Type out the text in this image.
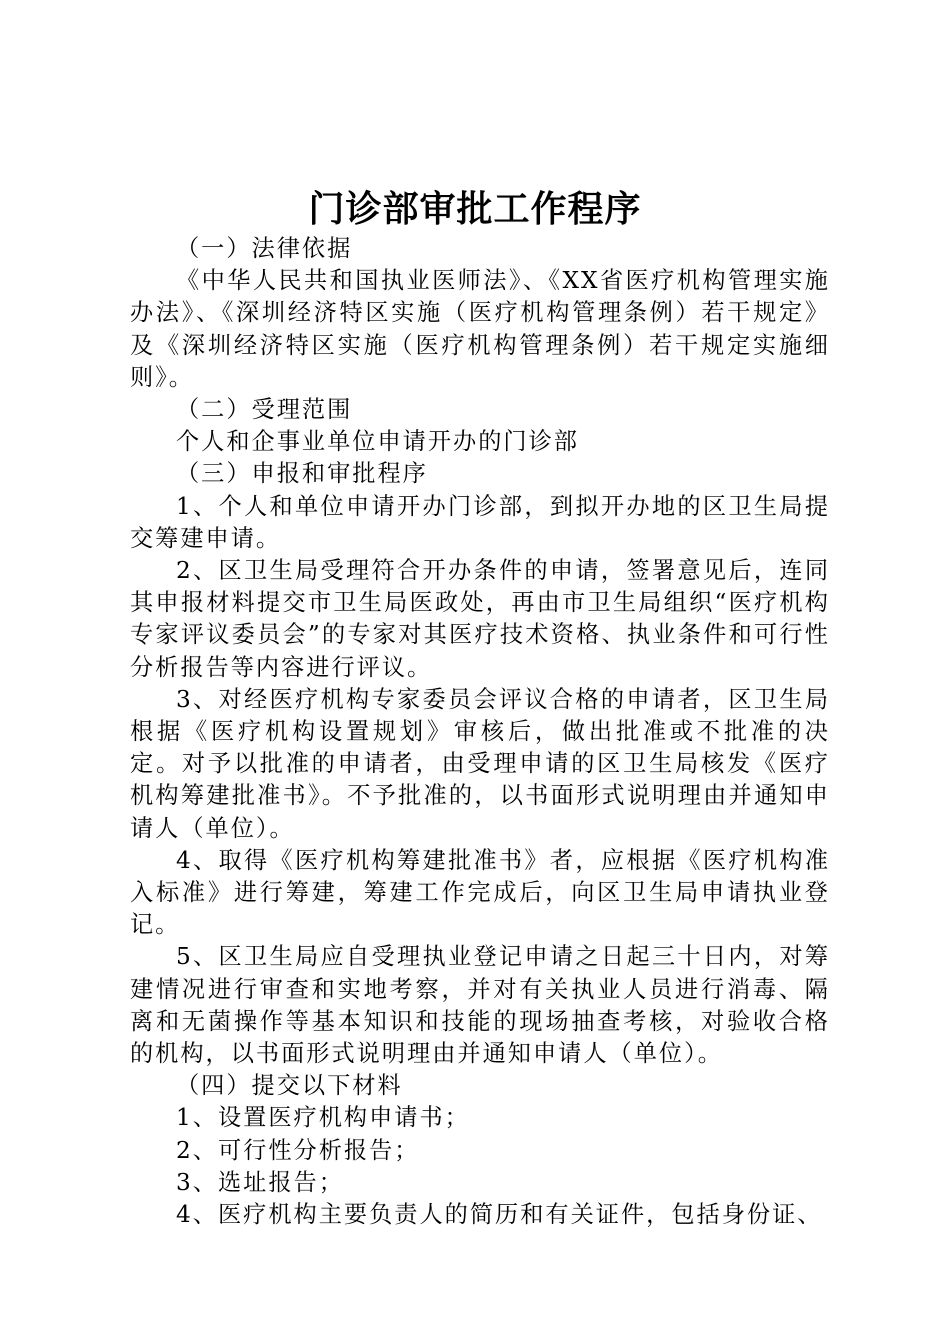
门诊部审批工作程序

（一）法律依据

《中华人民共和国执业医师法》、《XX省医疗机构管理实施办法》、《深圳经济特区实施（医疗机构管理条例）若干规定》及《深圳经济特区实施（医疗机构管理条例）若干规定实施细则》。

（二）受理范围

个人和企事业单位申请开办的门诊部

（三）申报和审批程序

1、个人和单位申请开办门诊部，到拟开办地的区卫生局提交筹建申请。

2、区卫生局受理符合开办条件的申请，签署意见后，连同其申报材料提交市卫生局医政处，再由市卫生局组织“医疗机构专家评议委员会”的专家对其医疗技术资格、执业条件和可行性分析报告等内容进行评议。

3、对经医疗机构专家委员会评议合格的申请者，区卫生局根据《医疗机构设置规划》审核后，做出批准或不批准的决定。对予以批准的申请者，由受理申请的区卫生局核发《医疗机构筹建批准书》。不予批准的，以书面形式说明理由并通知申请人（单位）。

4、取得《医疗机构筹建批准书》者，应根据《医疗机构准入标准》进行筹建，筹建工作完成后，向区卫生局申请执业登记。

5、区卫生局应自受理执业登记申请之日起三十日内，对筹建情况进行审查和实地考察，并对有关执业人员进行消毒、隔离和无菌操作等基本知识和技能的现场抽查考核，对验收合格的机构，以书面形式说明理由并通知申请人（单位）。

（四）提交以下材料

1、设置医疗机构申请书；

2、可行性分析报告；

3、选址报告；

4、医疗机构主要负责人的简历和有关证件，包括身份证、
